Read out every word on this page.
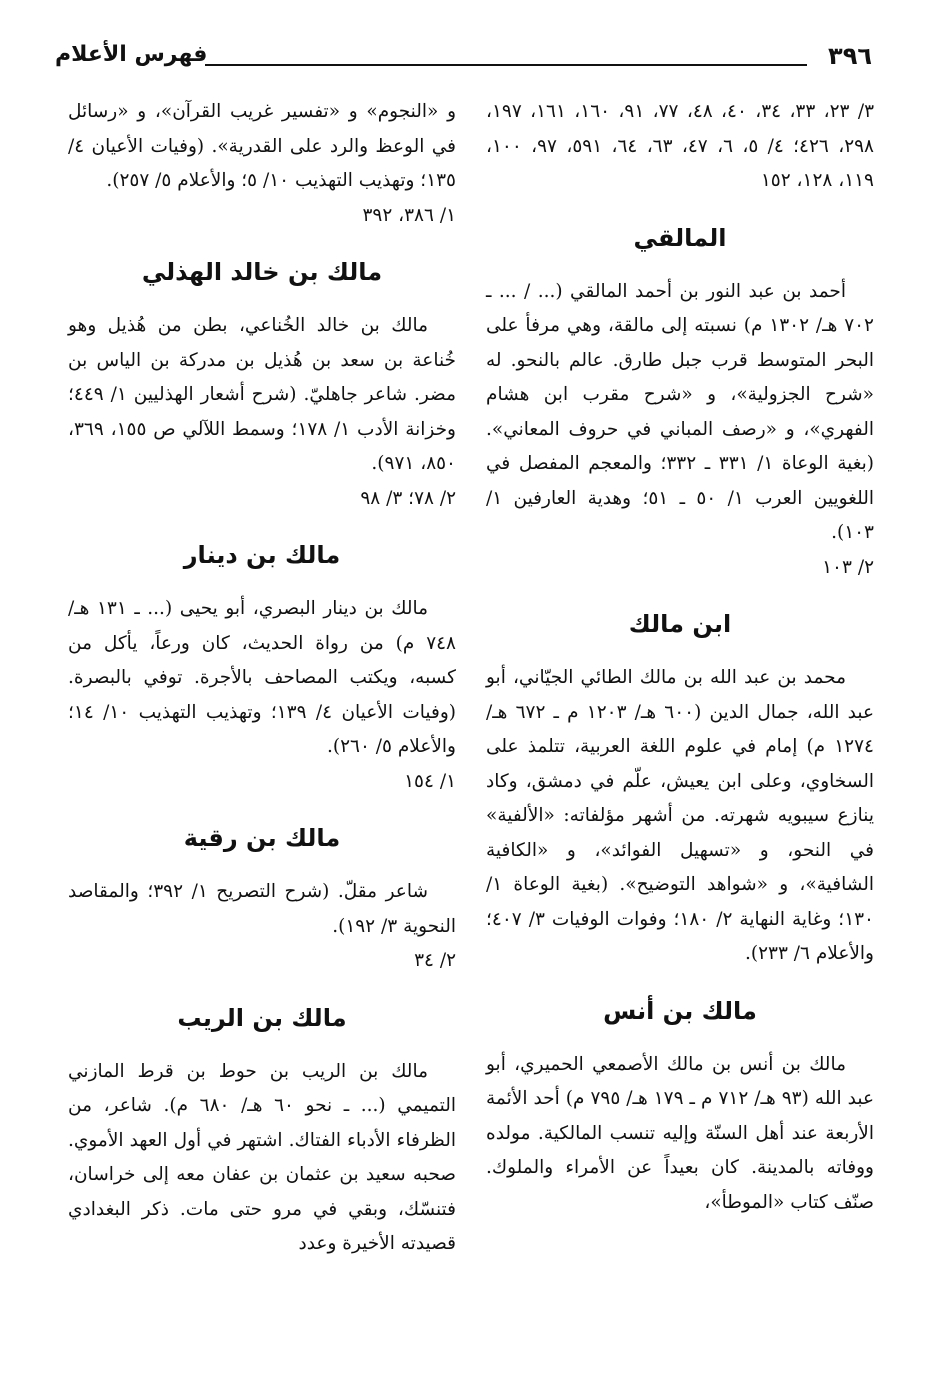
٣٩٦
فهرس الأعلام

٣/ ٢٣، ٣٣، ٣٤، ٤٠، ٤٨، ٧٧، ٩١، ١٦٠، ١٦١، ١٩٧، ٢٩٨، ٤٢٦؛ ٤/ ٥، ٦، ٤٧، ٦٣، ٦٤، ٥٩١، ٩٧، ١٠٠، ١١٩، ١٢٨، ١٥٢

المالقي

أحمد بن عبد النور بن أحمد المالقي (... / ... ـ ٧٠٢ هـ/ ١٣٠٢ م) نسبته إلى مالقة، وهي مرفأ على البحر المتوسط قرب جبل طارق. عالم بالنحو. له «شرح الجزولية»، و «شرح مقرب ابن هشام الفهري»، و «رصف المباني في حروف المعاني». (بغية الوعاة ١/ ٣٣١ ـ ٣٣٢؛ والمعجم المفصل في اللغويين العرب ١/ ٥٠ ـ ٥١؛ وهدية العارفين ١/ ١٠٣).

٢/ ١٠٣

ابن مالك

محمد بن عبد الله بن مالك الطائي الجيّاني، أبو عبد الله، جمال الدين (٦٠٠ هـ/ ١٢٠٣ م ـ ٦٧٢ هـ/ ١٢٧٤ م) إمام في علوم اللغة العربية، تتلمذ على السخاوي، وعلى ابن يعيش، علّم في دمشق، وكاد ينازع سيبويه شهرته. من أشهر مؤلفاته: «الألفية» في النحو، و «تسهيل الفوائد»، و «الكافية الشافية»، و «شواهد التوضيح». (بغية الوعاة ١/ ١٣٠؛ وغاية النهاية ٢/ ١٨٠؛ وفوات الوفيات ٣/ ٤٠٧؛ والأعلام ٦/ ٢٣٣).

مالك بن أنس

مالك بن أنس بن مالك الأصمعي الحميري، أبو عبد الله (٩٣ هـ/ ٧١٢ م ـ ١٧٩ هـ/ ٧٩٥ م) أحد الأئمة الأربعة عند أهل السنّة وإليه تنسب المالكية. مولده ووفاته بالمدينة. كان بعيداً عن الأمراء والملوك. صنّف كتاب «الموطأ»،

و «النجوم» و «تفسير غريب القرآن»، و «رسائل في الوعظ والرد على القدرية». (وفيات الأعيان ٤/ ١٣٥؛ وتهذيب التهذيب ١٠/ ٥؛ والأعلام ٥/ ٢٥٧).

١/ ٣٨٦، ٣٩٢

مالك بن خالد الهذلي

مالك بن خالد الخُناعي، بطن من هُذيل وهو خُناعة بن سعد بن هُذيل بن مدركة بن الياس بن مضر. شاعر جاهليّ. (شرح أشعار الهذليين ١/ ٤٤٩؛ وخزانة الأدب ١/ ١٧٨؛ وسمط اللآلي ص ١٥٥، ٣٦٩، ٨٥٠، ٩٧١).

٢/ ٧٨؛ ٣/ ٩٨

مالك بن دينار

مالك بن دينار البصري، أبو يحيى (... ـ ١٣١ هـ/ ٧٤٨ م) من رواة الحديث، كان ورعاً، يأكل من كسبه، ويكتب المصاحف بالأجرة. توفي بالبصرة. (وفيات الأعيان ٤/ ١٣٩؛ وتهذيب التهذيب ١٠/ ١٤؛ والأعلام ٥/ ٢٦٠).

١/ ١٥٤

مالك بن رقية

شاعر مقلّ. (شرح التصريح ١/ ٣٩٢؛ والمقاصد النحوية ٣/ ١٩٢).

٢/ ٣٤

مالك بن الريب

مالك بن الريب بن حوط بن قرط المازني التميمي (... ـ نحو ٦٠ هـ/ ٦٨٠ م). شاعر، من الظرفاء الأدباء الفتاك. اشتهر في أول العهد الأموي. صحبه سعيد بن عثمان بن عفان معه إلى خراسان، فتنسّك، وبقي في مرو حتى مات. ذكر البغدادي قصيدته الأخيرة وعدد
